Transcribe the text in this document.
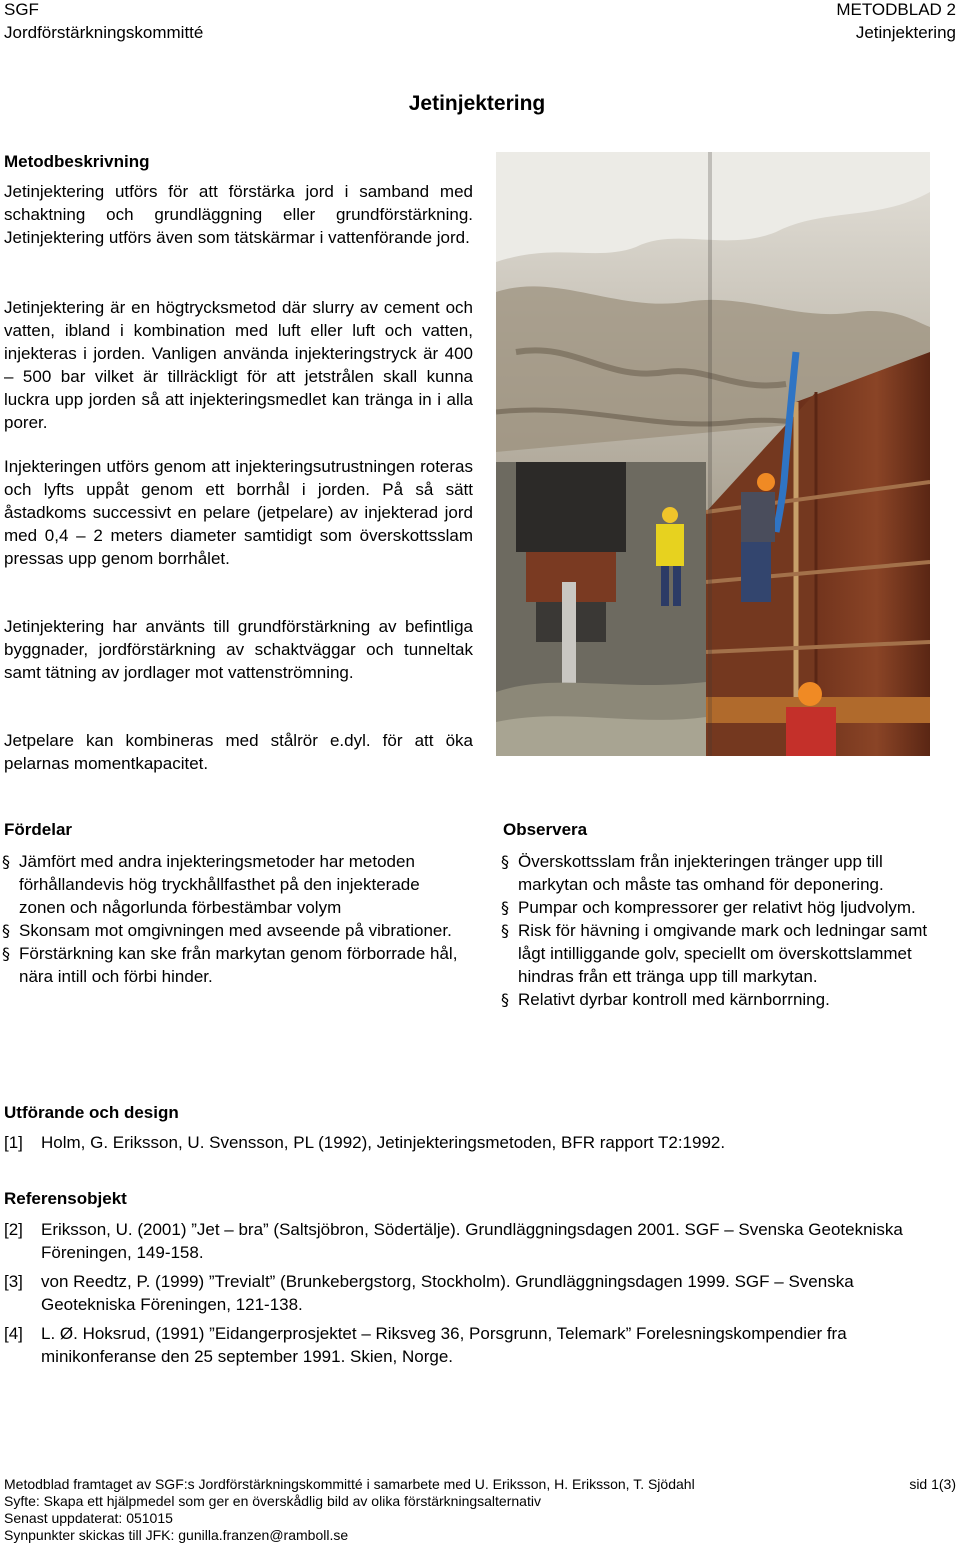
SGF
Jordförstärkningskommitté
METODBLAD 2
Jetinjektering
Jetinjektering
Metodbeskrivning
Jetinjektering utförs för att förstärka jord i samband med schaktning och grundläggning eller grundförstärkning. Jetinjektering utförs även som tätskärmar i vattenförande jord.
Jetinjektering är en högtrycksmetod där slurry av cement och vatten, ibland i kombination med luft eller luft och vatten, injekteras i jorden. Vanligen använda injekteringstryck är 400 – 500 bar vilket är tillräckligt för att jetstrålen skall kunna luckra upp jorden så att injekteringsmedlet kan tränga in i alla porer.
Injekteringen utförs genom att injekteringsutrustningen roteras och lyfts uppåt genom ett borrhål i jorden. På så sätt åstadkoms successivt en pelare (jetpelare) av injekterad jord med 0,4 – 2 meters diameter samtidigt som överskottsslam pressas upp genom borrhålet.
Jetinjektering har använts till grundförstärkning av befintliga byggnader, jordförstärkning av schaktväggar och tunneltak samt tätning av jordlager mot vattenströmning.
Jetpelare kan kombineras med stålrör e.dyl. för att öka pelarnas momentkapacitet.
Fördelar
§ Jämfört med andra injekteringsmetoder har metoden förhållandevis hög tryckhållfasthet på den injekterade zonen och någorlunda förbestämbar volym
§ Skonsam mot omgivningen med avseende på vibrationer.
§ Förstärkning kan ske från markytan genom förborrade hål, nära intill och förbi hinder.
Observera
§ Överskottsslam från injekteringen tränger upp till markytan och måste tas omhand för deponering.
§ Pumpar och kompressorer ger relativt hög ljudvolym.
§ Risk för hävning i omgivande mark och ledningar samt lågt intilliggande golv, speciellt om överskottslammet hindras från ett tränga upp till markytan.
§ Relativt dyrbar kontroll med kärnborrning.
Utförande och design
[1] Holm, G. Eriksson, U. Svensson, PL (1992), Jetinjekteringsmetoden, BFR rapport T2:1992.
Referensobjekt
[2] Eriksson, U. (2001) ”Jet – bra” (Saltsjöbron, Södertälje). Grundläggningsdagen 2001. SGF – Svenska Geotekniska Föreningen, 149-158.
[3] von Reedtz, P. (1999) ”Trevialt” (Brunkebergstorg, Stockholm). Grundläggningsdagen 1999. SGF – Svenska Geotekniska Föreningen, 121-138.
[4] L. Ø. Hoksrud, (1991) ”Eidangerprosjektet – Riksveg 36, Porsgrunn, Telemark” Forelesningskompendier fra minikonferanse den 25 september 1991. Skien, Norge.
Metodblad framtaget av SGF:s Jordförstärkningskommitté i samarbete med U. Eriksson, H. Eriksson, T. Sjödahl	sid 1(3)
Syfte: Skapa ett hjälpmedel som ger en överskådlig bild av olika förstärkningsalternativ
Senast uppdaterat: 051015
Synpunkter skickas till JFK: gunilla.franzen@ramboll.se
